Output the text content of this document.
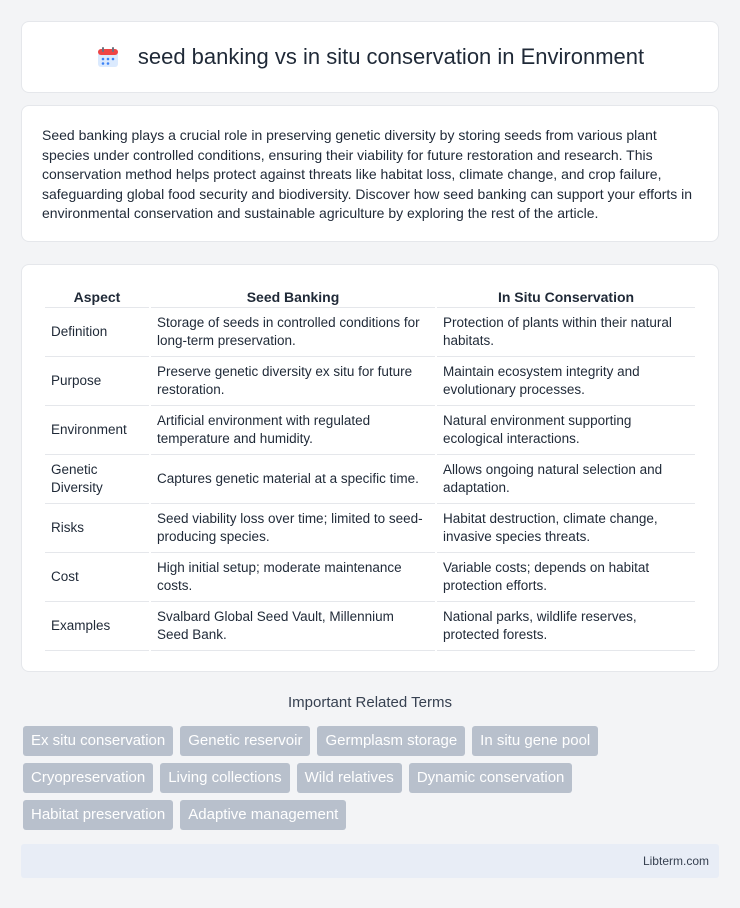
seed banking vs in situ conservation in Environment

Seed banking plays a crucial role in preserving genetic diversity by storing seeds from various plant species under controlled conditions, ensuring their viability for future restoration and research. This conservation method helps protect against threats like habitat loss, climate change, and crop failure, safeguarding global food security and biodiversity. Discover how seed banking can support your efforts in environmental conservation and sustainable agriculture by exploring the rest of the article.

Aspect	Seed Banking	In Situ Conservation
Definition	Storage of seeds in controlled conditions for long-term preservation.	Protection of plants within their natural habitats.
Purpose	Preserve genetic diversity ex situ for future restoration.	Maintain ecosystem integrity and evolutionary processes.
Environment	Artificial environment with regulated temperature and humidity.	Natural environment supporting ecological interactions.
Genetic Diversity	Captures genetic material at a specific time.	Allows ongoing natural selection and adaptation.
Risks	Seed viability loss over time; limited to seed-producing species.	Habitat destruction, climate change, invasive species threats.
Cost	High initial setup; moderate maintenance costs.	Variable costs; depends on habitat protection efforts.
Examples	Svalbard Global Seed Vault, Millennium Seed Bank.	National parks, wildlife reserves, protected forests.
Important Related Terms
Ex situ conservation	Genetic reservoir	Germplasm storage	In situ gene pool
Cryopreservation	Living collections	Wild relatives	Dynamic conservation
Habitat preservation	Adaptive management
Libterm.com
